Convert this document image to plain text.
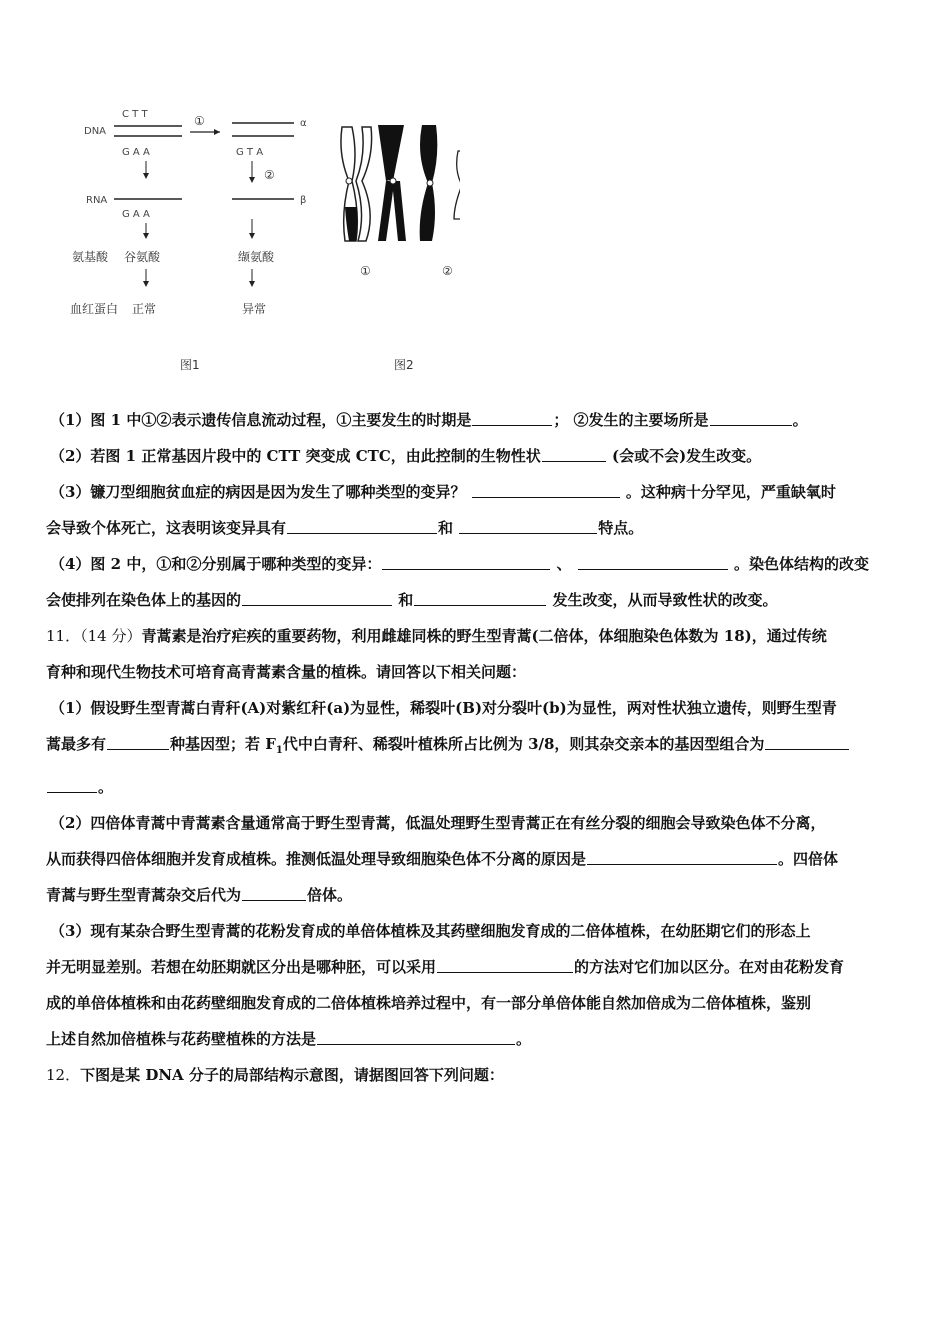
DNA
C T T
G A A
①	α
G T A
②
RNA
G A A
β
氨基酸 谷氨酸	缬氨酸
血红蛋白 正常	异常
图1
①	②
图2

（1）图 1 中①②表示遗传信息流动过程，①主要发生的时期是	； ②发生的主要场所是	。

（2）若图 1 正常基因片段中的 CTT 突变成 CTC，由此控制的生物性状	(会或不会)发生改变。

（3）镰刀型细胞贫血症的病因是因为发生了哪种类型的变异？	。这种病十分罕见，严重缺氧时

会导致个体死亡，这表明该变异具有	和	特点。

（4）图 2 中，①和②分别属于哪种类型的变异：	、	。染色体结构的改变

会使排列在染色体上的基因的	和	发生改变，从而导致性状的改变。

11．（14 分）青蒿素是治疗疟疾的重要药物，利用雌雄同株的野生型青蒿(二倍体，体细胞染色体数为 18)，通过传统

育种和现代生物技术可培育高青蒿素含量的植株。请回答以下相关问题：

（1）假设野生型青蒿白青秆(A)对紫红秆(a)为显性，稀裂叶(B)对分裂叶(b)为显性，两对性状独立遗传，则野生型青

蒿最多有	种基因型；若 $F_1$代中白青秆、稀裂叶植株所占比例为 3/8，则其杂交亲本的基因型组合为

。

（2）四倍体青蒿中青蒿素含量通常高于野生型青蒿，低温处理野生型青蒿正在有丝分裂的细胞会导致染色体不分离，

从而获得四倍体细胞并发育成植株。推测低温处理导致细胞染色体不分离的原因是	。四倍体

青蒿与野生型青蒿杂交后代为	倍体。

（3）现有某杂合野生型青蒿的花粉发育成的单倍体植株及其药壁细胞发育成的二倍体植株，在幼胚期它们的形态上

并无明显差别。若想在幼胚期就区分出是哪种胚，可以采用	的方法对它们加以区分。在对由花粉发育

成的单倍体植株和由花药壁细胞发育成的二倍体植株培养过程中，有一部分单倍体能自然加倍成为二倍体植株，鉴别

上述自然加倍植株与花药壁植株的方法是	。

12．下图是某 DNA 分子的局部结构示意图，请据图回答下列问题：
